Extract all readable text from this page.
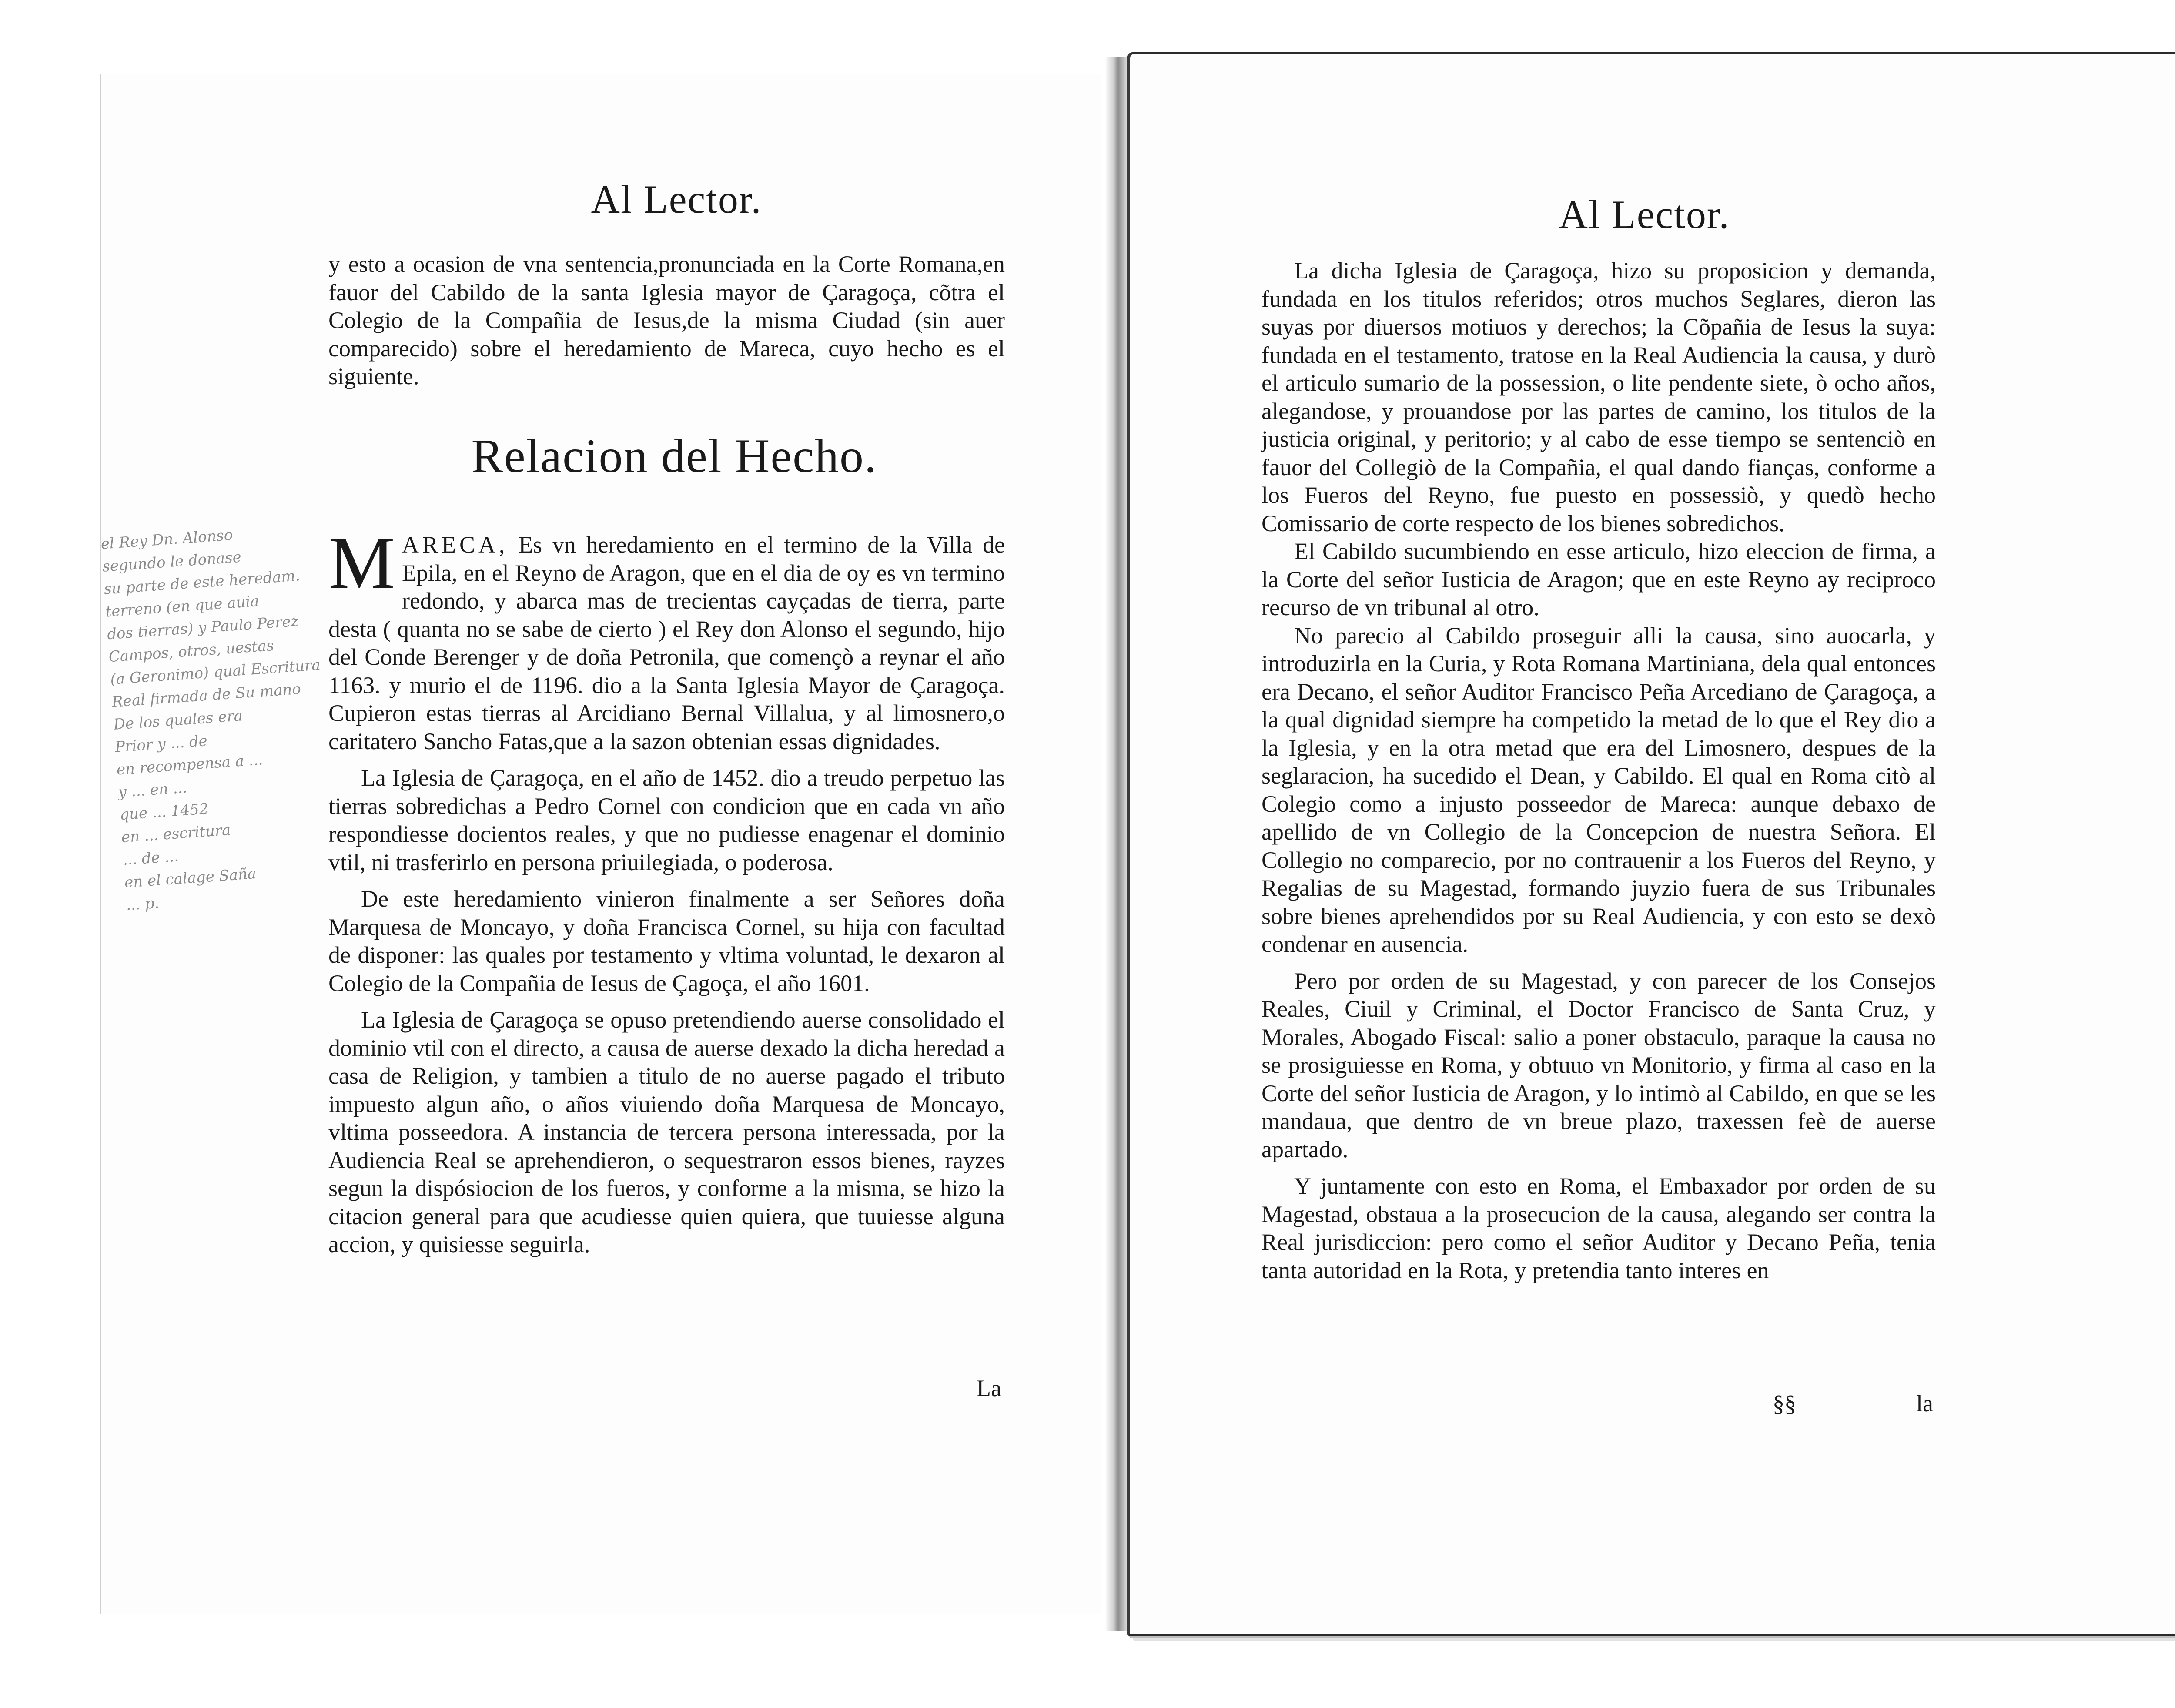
Al Lector.

y esto a ocasion de vna sentencia,pronunciada en la Corte Romana,en fauor del Cabildo de la santa Iglesia mayor de Çaragoça, cõtra el Colegio de la Compañia de Iesus,de la misma Ciudad (sin auer comparecido) sobre el heredamiento de Mareca, cuyo hecho es el siguiente.

Relacion del Hecho.

MARECA, Es vn heredamiento en el termino de la Villa de Epila, en el Reyno de Aragon, que en el dia de oy es vn termino redondo, y abarca mas de trecientas cayçadas de tierra, parte desta ( quanta no se sabe de cierto ) el Rey don Alonso el segundo, hijo del Conde Berenger y de doña Petronila, que començò a reynar el año 1163. y murio el de 1196. dio a la Santa Iglesia Mayor de Çaragoça. Cupieron estas tierras al Arcidiano Bernal Villalua, y al limosnero,o caritatero Sancho Fatas,que a la sazon obtenian essas dignidades.

La Iglesia de Çaragoça, en el año de 1452. dio a treudo perpetuo las tierras sobredichas a Pedro Cornel con condicion que en cada vn año respondiesse docientos reales, y que no pudiesse enagenar el dominio vtil, ni trasferirlo en persona priuilegiada, o poderosa.

De este heredamiento vinieron finalmente a ser Señores doña Marquesa de Moncayo, y doña Francisca Cornel, su hija con facultad de disponer: las quales por testamento y vltima voluntad, le dexaron al Colegio de la Compañia de Iesus de Çagoça, el año 1601.

La Iglesia de Çaragoça se opuso pretendiendo auerse consolidado el dominio vtil con el directo, a causa de auerse dexado la dicha heredad a casa de Religion, y tambien a titulo de no auerse pagado el tributo impuesto algun año, o años viuiendo doña Marquesa de Moncayo, vltima posseedora. A instancia de tercera persona interessada, por la Audiencia Real se aprehendieron, o sequestraron essos bienes, rayzes segun la dispósiocion de los fueros, y conforme a la misma, se hizo la citacion general para que acudiesse quien quiera, que tuuiesse alguna accion, y quisiesse seguirla.

La

el Rey Dn. Alonso
segundo le donase
su parte de este heredam.
terreno (en que auia
dos tierras) y Paulo Perez
Campos, otros, uestas
(a Geronimo) qual Escritura
Real firmada de Su mano
De los quales era
Prior y ... de
en recompensa a ...
y ... en ...
que ... 1452
en ... escritura
... de ...
en el calage Saña
... p.
Al Lector.

La dicha Iglesia de Çaragoça, hizo su proposicion y demanda, fundada en los titulos referidos; otros muchos Seglares, dieron las suyas por diuersos motiuos y derechos; la Cõpañia de Iesus la suya: fundada en el testamento, tratose en la Real Audiencia la causa, y durò el articulo sumario de la possession, o lite pendente siete, ò ocho años, alegandose, y prouandose por las partes de camino, los titulos de la justicia original, y peritorio; y al cabo de esse tiempo se sentenciò en fauor del Collegiò de la Compañia, el qual dando fianças, conforme a los Fueros del Reyno, fue puesto en possessiò, y quedò hecho Comissario de corte respecto de los bienes sobredichos.

El Cabildo sucumbiendo en esse articulo, hizo eleccion de firma, a la Corte del señor Iusticia de Aragon; que en este Reyno ay reciproco recurso de vn tribunal al otro.

No parecio al Cabildo proseguir alli la causa, sino auocarla, y introduzirla en la Curia, y Rota Romana Martiniana, dela qual entonces era Decano, el señor Auditor Francisco Peña Arcediano de Çaragoça, a la qual dignidad siempre ha competido la metad de lo que el Rey dio a la Iglesia, y en la otra metad que era del Limosnero, despues de la seglaracion, ha sucedido el Dean, y Cabildo. El qual en Roma citò al Colegio como a injusto posseedor de Mareca: aunque debaxo de apellido de vn Collegio de la Concepcion de nuestra Señora. El Collegio no comparecio, por no contrauenir a los Fueros del Reyno, y Regalias de su Magestad, formando juyzio fuera de sus Tribunales sobre bienes aprehendidos por su Real Audiencia, y con esto se dexò condenar en ausencia.

Pero por orden de su Magestad, y con parecer de los Consejos Reales, Ciuil y Criminal, el Doctor Francisco de Santa Cruz, y Morales, Abogado Fiscal: salio a poner obstaculo, paraque la causa no se prosiguiesse en Roma, y obtuuo vn Monitorio, y firma al caso en la Corte del señor Iusticia de Aragon, y lo intimò al Cabildo, en que se les mandaua, que dentro de vn breue plazo, traxessen feè de auerse apartado.

Y juntamente con esto en Roma, el Embaxador por orden de su Magestad, obstaua a la prosecucion de la causa, alegando ser contra la Real jurisdiccion: pero como el señor Auditor y Decano Peña, tenia tanta autoridad en la Rota, y pretendia tanto interes en

§§	la
